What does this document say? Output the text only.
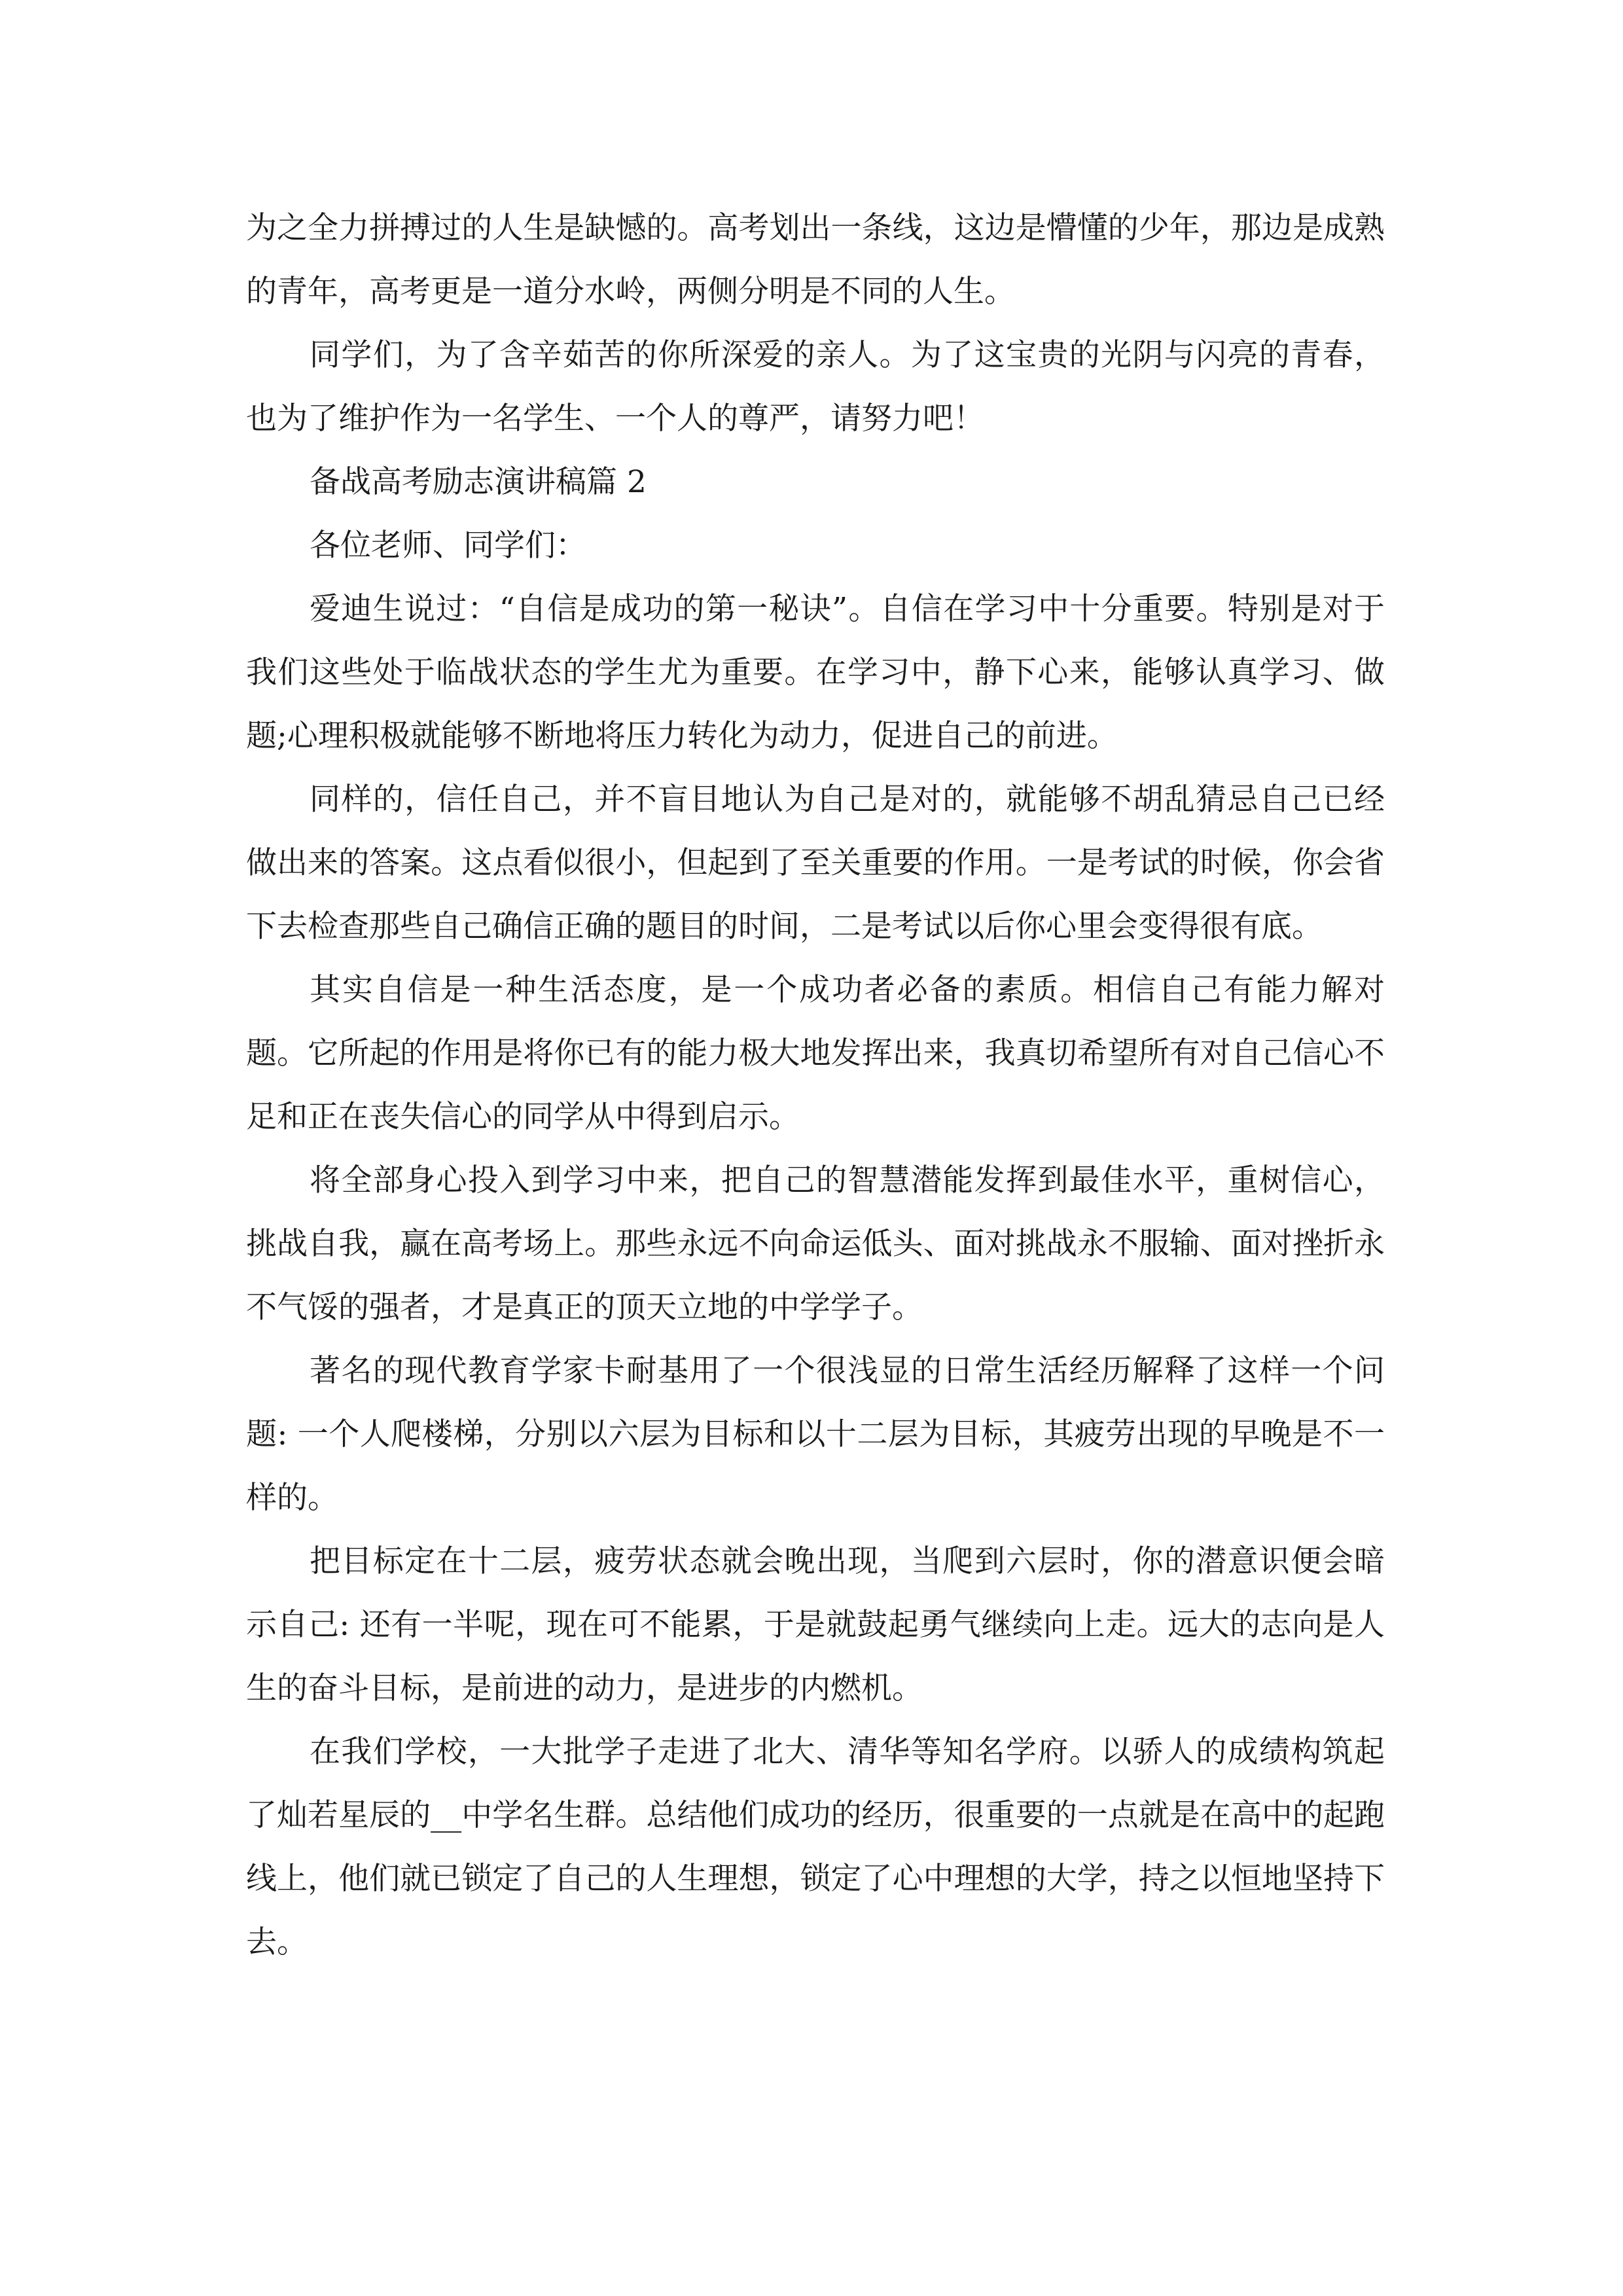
为之全力拼搏过的人生是缺憾的。高考划出一条线，这边是懵懂的少年，那边是成熟的青年，高考更是一道分水岭，两侧分明是不同的人生。

同学们，为了含辛茹苦的你所深爱的亲人。为了这宝贵的光阴与闪亮的青春，也为了维护作为一名学生、一个人的尊严，请努力吧！

备战高考励志演讲稿篇 2

各位老师、同学们：

爱迪生说过：“自信是成功的第一秘诀”。自信在学习中十分重要。特别是对于我们这些处于临战状态的学生尤为重要。在学习中，静下心来，能够认真学习、做题;心理积极就能够不断地将压力转化为动力，促进自己的前进。

同样的，信任自己，并不盲目地认为自己是对的，就能够不胡乱猜忌自己已经做出来的答案。这点看似很小，但起到了至关重要的作用。一是考试的时候，你会省下去检查那些自己确信正确的题目的时间，二是考试以后你心里会变得很有底。

其实自信是一种生活态度，是一个成功者必备的素质。相信自己有能力解对题。它所起的作用是将你已有的能力极大地发挥出来，我真切希望所有对自己信心不足和正在丧失信心的同学从中得到启示。

将全部身心投入到学习中来，把自己的智慧潜能发挥到最佳水平，重树信心，挑战自我，赢在高考场上。那些永远不向命运低头、面对挑战永不服输、面对挫折永不气馁的强者，才是真正的顶天立地的中学学子。

著名的现代教育学家卡耐基用了一个很浅显的日常生活经历解释了这样一个问题: 一个人爬楼梯，分别以六层为目标和以十二层为目标，其疲劳出现的早晚是不一样的。

把目标定在十二层，疲劳状态就会晚出现，当爬到六层时，你的潜意识便会暗示自己: 还有一半呢，现在可不能累，于是就鼓起勇气继续向上走。远大的志向是人生的奋斗目标，是前进的动力，是进步的内燃机。

在我们学校，一大批学子走进了北大、清华等知名学府。以骄人的成绩构筑起了灿若星辰的__中学名生群。总结他们成功的经历，很重要的一点就是在高中的起跑线上，他们就已锁定了自己的人生理想，锁定了心中理想的大学，持之以恒地坚持下去。
